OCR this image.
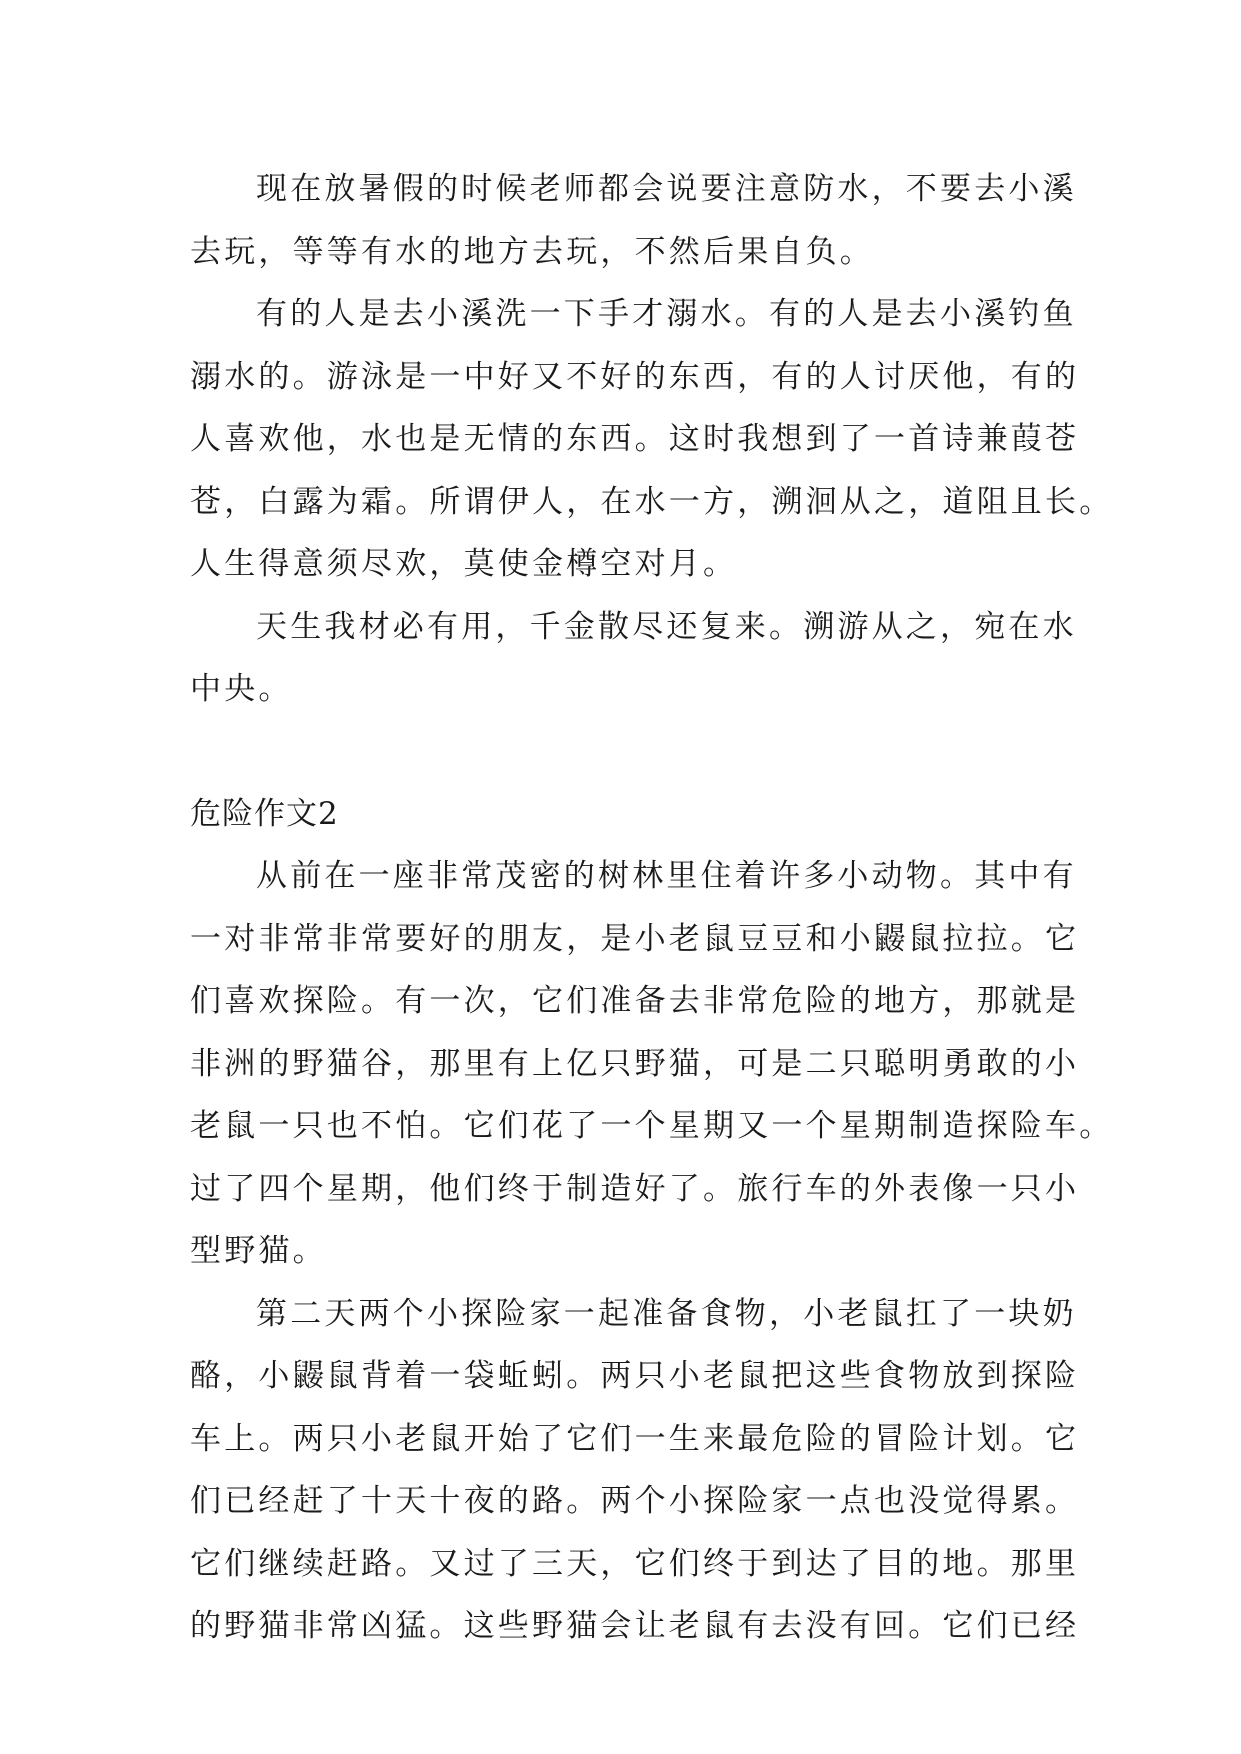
现在放暑假的时候老师都会说要注意防水，不要去小溪
去玩，等等有水的地方去玩，不然后果自负。
有的人是去小溪洗一下手才溺水。有的人是去小溪钓鱼
溺水的。游泳是一中好又不好的东西，有的人讨厌他，有的
人喜欢他，水也是无情的东西。这时我想到了一首诗兼葭苍
苍，白露为霜。所谓伊人，在水一方，溯洄从之，道阻且长。
人生得意须尽欢，莫使金樽空对月。
天生我材必有用，千金散尽还复来。溯游从之，宛在水
中央。
危险作文2
从前在一座非常茂密的树林里住着许多小动物。其中有
一对非常非常要好的朋友，是小老鼠豆豆和小鼹鼠拉拉。它
们喜欢探险。有一次，它们准备去非常危险的地方，那就是
非洲的野猫谷，那里有上亿只野猫，可是二只聪明勇敢的小
老鼠一只也不怕。它们花了一个星期又一个星期制造探险车。
过了四个星期，他们终于制造好了。旅行车的外表像一只小
型野猫。
第二天两个小探险家一起准备食物，小老鼠扛了一块奶
酪，小鼹鼠背着一袋蚯蚓。两只小老鼠把这些食物放到探险
车上。两只小老鼠开始了它们一生来最危险的冒险计划。它
们已经赶了十天十夜的路。两个小探险家一点也没觉得累。
它们继续赶路。又过了三天，它们终于到达了目的地。那里
的野猫非常凶猛。这些野猫会让老鼠有去没有回。它们已经
